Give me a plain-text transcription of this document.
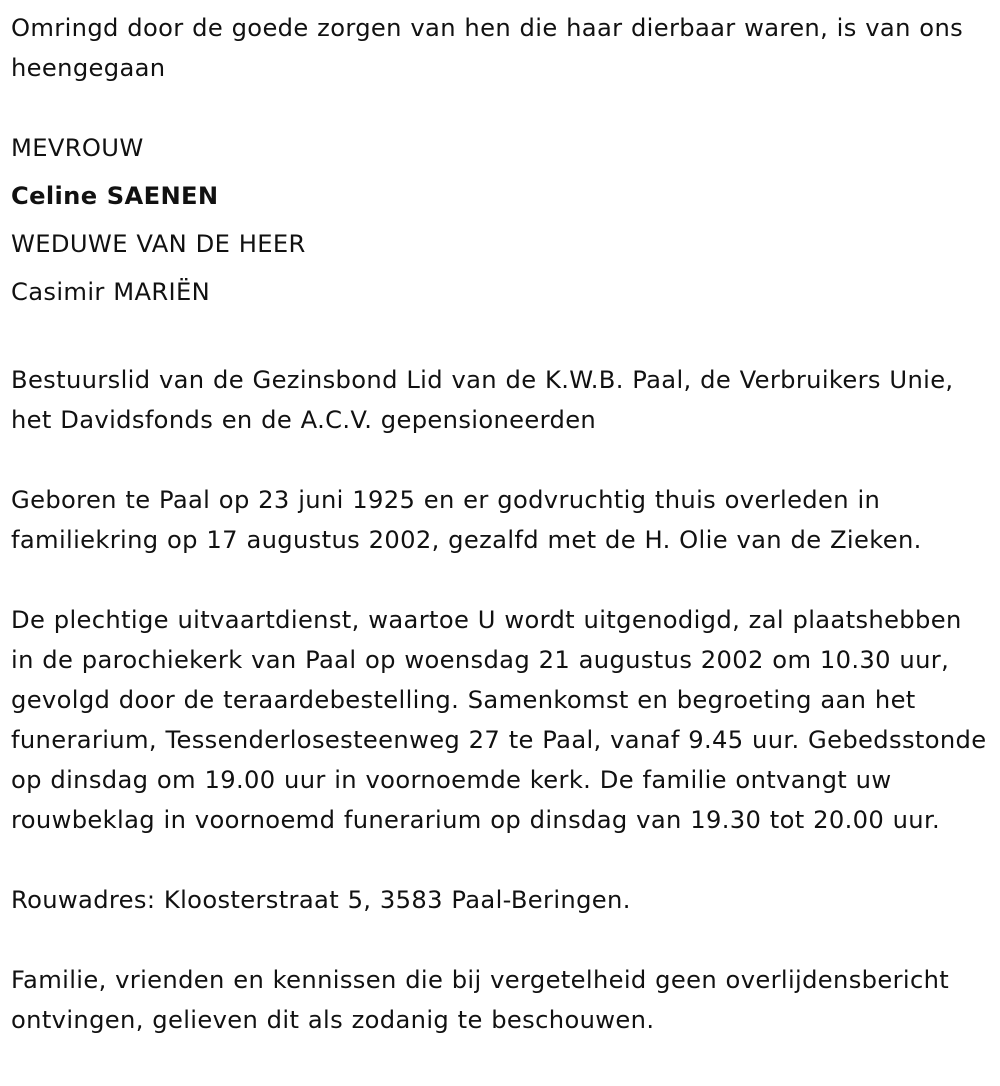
Omringd door de goede zorgen van hen die haar dierbaar waren, is van ons heengegaan

MEVROUW

Celine SAENEN

WEDUWE VAN DE HEER

Casimir MARIËN

Bestuurslid van de Gezinsbond Lid van de K.W.B. Paal, de Verbruikers Unie, het Davidsfonds en de A.C.V. gepensioneerden

Geboren te Paal op 23 juni 1925 en er godvruchtig thuis overleden in familiekring op 17 augustus 2002, gezalfd met de H. Olie van de Zieken.

De plechtige uitvaartdienst, waartoe U wordt uitgenodigd, zal plaatshebben in de parochiekerk van Paal op woensdag 21 augustus 2002 om 10.30 uur, gevolgd door de teraardebestelling. Samenkomst en begroeting aan het funerarium, Tessenderlosesteenweg 27 te Paal, vanaf 9.45 uur. Gebedsstonde op dinsdag om 19.00 uur in voornoemde kerk. De familie ontvangt uw rouwbeklag in voornoemd funerarium op dinsdag van 19.30 tot 20.00 uur.

Rouwadres: Kloosterstraat 5, 3583 Paal-Beringen.

Familie, vrienden en kennissen die bij vergetelheid geen overlijdensbericht ontvingen, gelieven dit als zodanig te beschouwen.
